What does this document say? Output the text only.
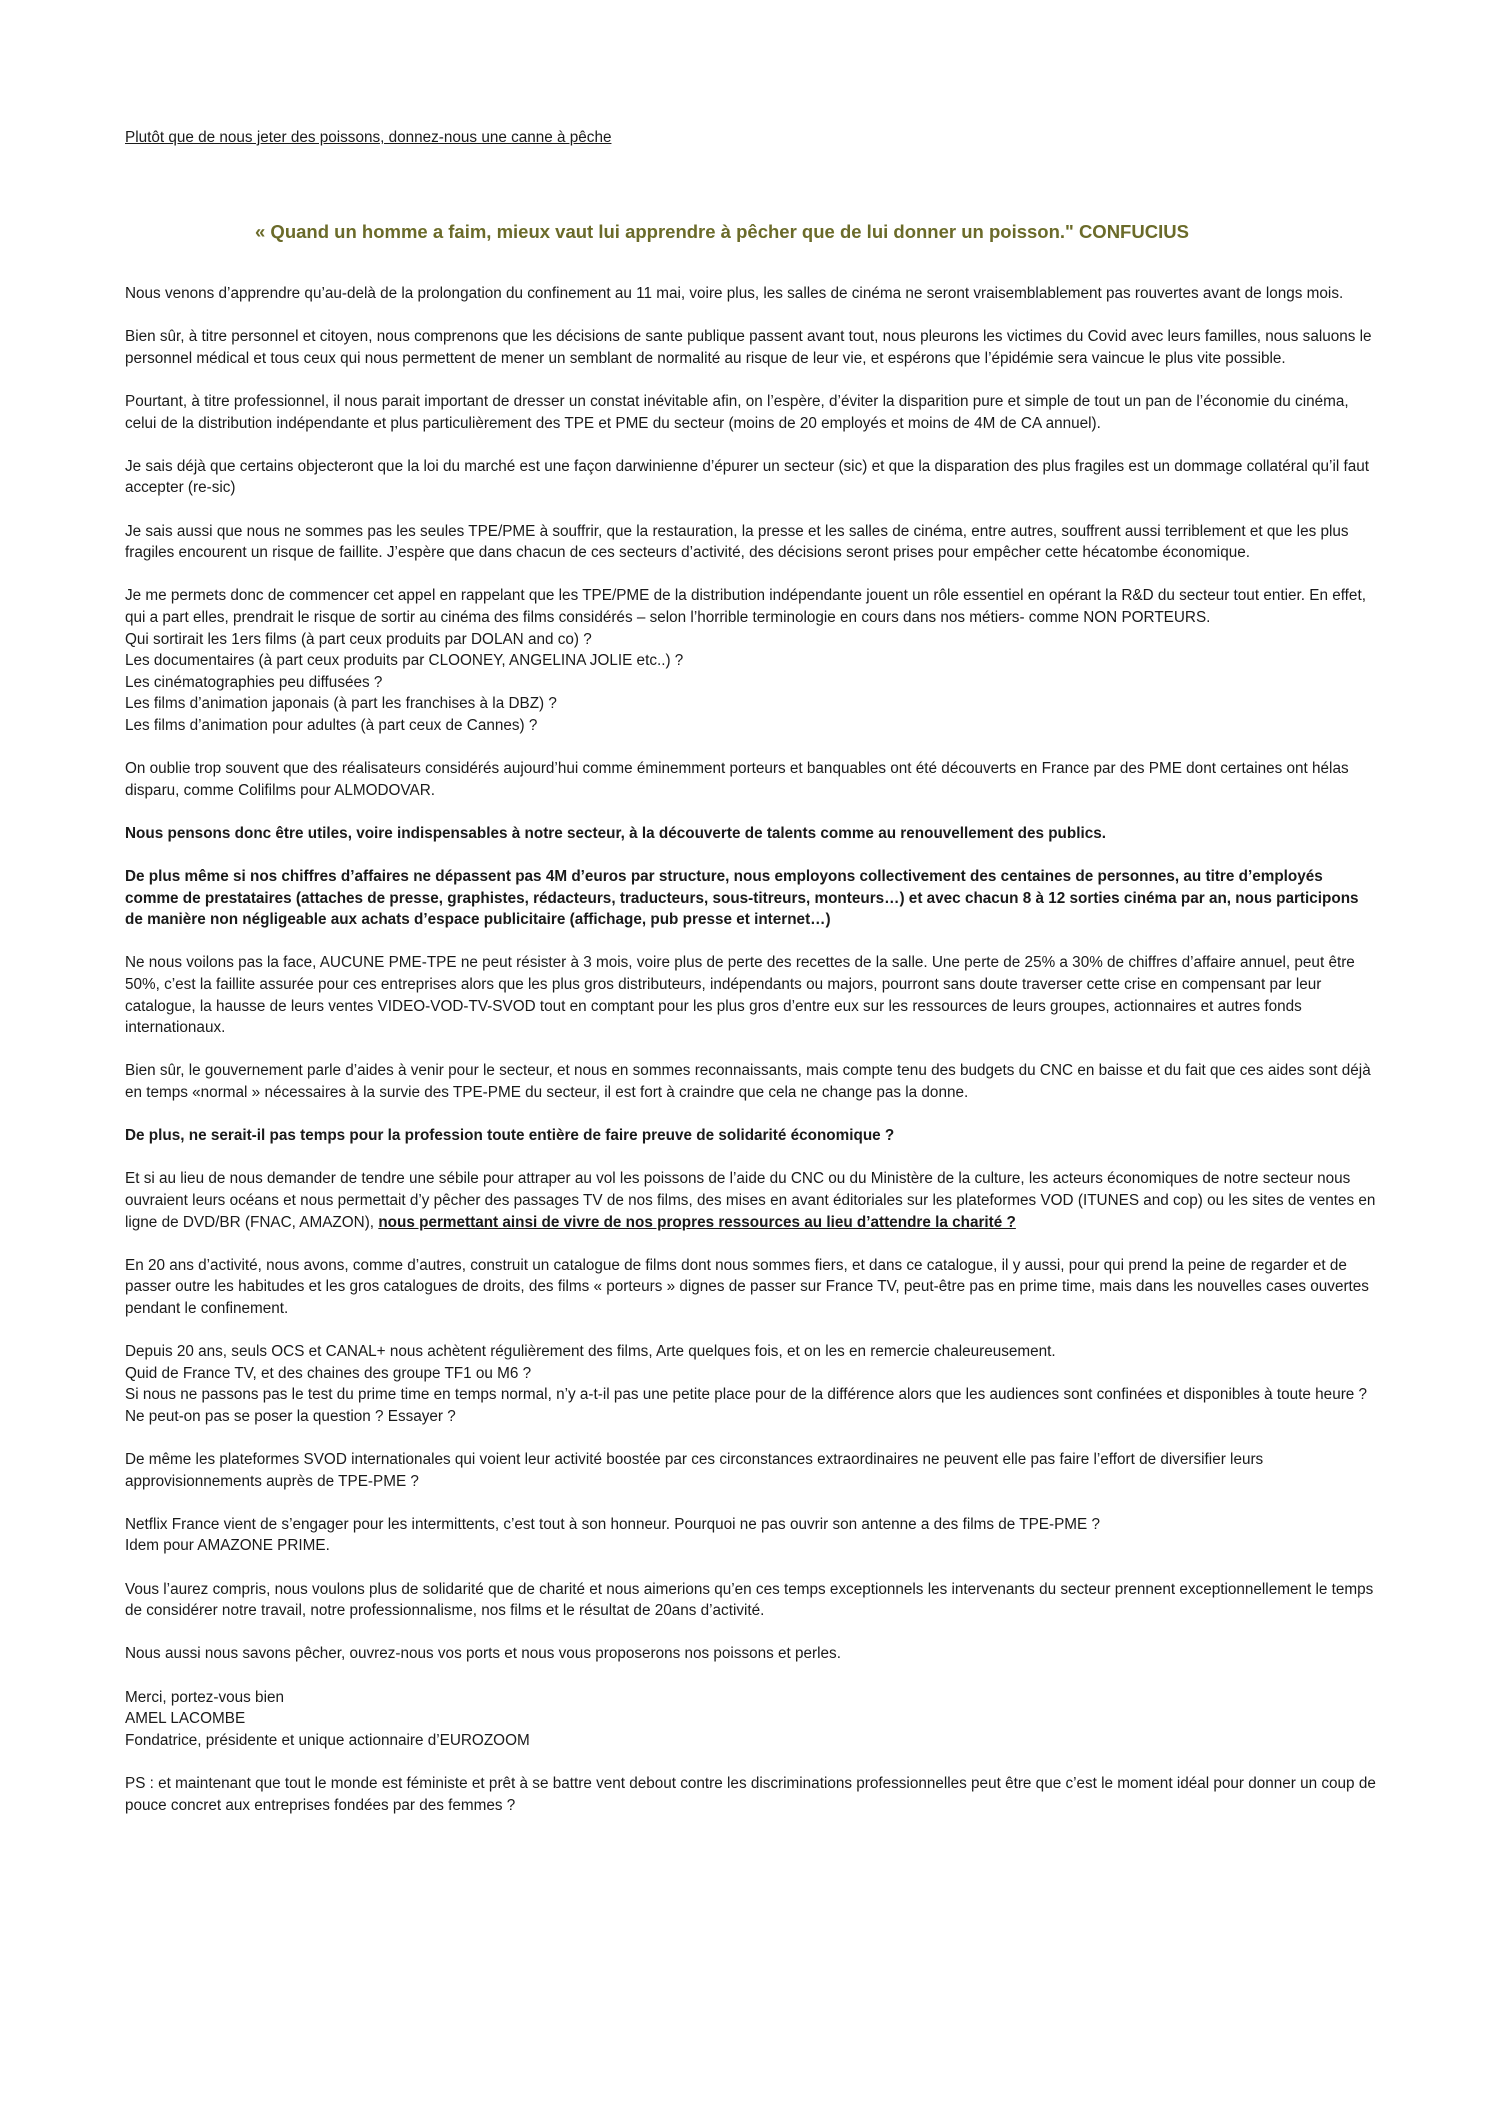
Plutôt que de nous jeter des poissons, donnez-nous une canne à pêche
« Quand un homme a faim, mieux vaut lui apprendre à pêcher que de lui donner un poisson." CONFUCIUS

Nous venons d’apprendre qu’au-delà de la prolongation du confinement au 11 mai, voire plus, les salles de cinéma ne seront vraisemblablement pas rouvertes avant de longs mois.

Bien sûr, à titre personnel et citoyen, nous comprenons que les décisions de sante publique passent avant tout, nous pleurons les victimes du Covid avec leurs familles, nous saluons le personnel médical et tous ceux qui nous permettent de mener un semblant de normalité au risque de leur vie, et espérons que l’épidémie sera vaincue le plus vite possible.

Pourtant, à titre professionnel, il nous parait important de dresser un constat inévitable afin, on l’espère, d’éviter la disparition pure et simple de tout un pan de l’économie du cinéma, celui de la distribution indépendante et plus particulièrement des TPE et PME du secteur (moins de 20 employés et moins de 4M de CA annuel).

Je sais déjà que certains objecteront que la loi du marché est une façon darwinienne d’épurer un secteur (sic) et que la disparation des plus fragiles est un dommage collatéral qu’il faut accepter (re-sic)

Je sais aussi que nous ne sommes pas les seules TPE/PME à souffrir, que la restauration, la presse et les salles de cinéma, entre autres, souffrent aussi terriblement et que les plus fragiles encourent un risque de faillite. J’espère que dans chacun de ces secteurs d’activité, des décisions seront prises pour empêcher cette hécatombe économique.

Je me permets donc de commencer cet appel en rappelant que les TPE/PME de la distribution indépendante jouent un rôle essentiel en opérant la R&D du secteur tout entier. En effet, qui a part elles, prendrait le risque de sortir au cinéma des films considérés – selon l’horrible terminologie en cours dans nos métiers- comme NON PORTEURS.
Qui sortirait les 1ers films (à part ceux produits par DOLAN and co) ?
Les documentaires (à part ceux produits par CLOONEY, ANGELINA JOLIE etc..) ?
Les cinématographies peu diffusées ?
Les films d’animation japonais (à part les franchises à la DBZ) ?
Les films d’animation pour adultes (à part ceux de Cannes) ?

On oublie trop souvent que des réalisateurs considérés aujourd’hui comme éminemment porteurs et banquables ont été découverts en France par des PME dont certaines ont hélas disparu, comme Colifilms pour ALMODOVAR.

Nous pensons donc être utiles, voire indispensables à notre secteur, à la découverte de talents comme au renouvellement des publics.

De plus même si nos chiffres d’affaires ne dépassent pas 4M d’euros par structure, nous employons collectivement des centaines de personnes, au titre d’employés comme de prestataires (attaches de presse, graphistes, rédacteurs, traducteurs, sous-titreurs, monteurs…) et avec chacun 8 à 12 sorties cinéma par an, nous participons de manière non négligeable aux achats d’espace publicitaire (affichage, pub presse et internet…)

Ne nous voilons pas la face, AUCUNE PME-TPE ne peut résister à 3 mois, voire plus de perte des recettes de la salle. Une perte de 25% a 30% de chiffres d’affaire annuel, peut être 50%, c’est la faillite assurée pour ces entreprises alors que les plus gros distributeurs, indépendants ou majors, pourront sans doute traverser cette crise en compensant par leur catalogue, la hausse de leurs ventes VIDEO-VOD-TV-SVOD tout en comptant pour les plus gros d’entre eux sur les ressources de leurs groupes, actionnaires et autres fonds internationaux.

Bien sûr, le gouvernement parle d’aides à venir pour le secteur, et nous en sommes reconnaissants, mais compte tenu des budgets du CNC en baisse et du fait que ces aides sont déjà en temps «normal » nécessaires à la survie des TPE-PME du secteur, il est fort à craindre que cela ne change pas la donne.

De plus, ne serait-il pas temps pour la profession toute entière de faire preuve de solidarité économique ?

Et si au lieu de nous demander de tendre une sébile pour attraper au vol les poissons de l’aide du CNC ou du Ministère de la culture, les acteurs économiques de notre secteur nous ouvraient leurs océans et nous permettait d’y pêcher des passages TV de nos films, des mises en avant éditoriales sur les plateformes VOD (ITUNES and cop) ou les sites de ventes en ligne de DVD/BR (FNAC, AMAZON), nous permettant ainsi de vivre de nos propres ressources au lieu d’attendre la charité ?

En 20 ans d’activité, nous avons, comme d’autres, construit un catalogue de films dont nous sommes fiers, et dans ce catalogue, il y aussi, pour qui prend la peine de regarder et de passer outre les habitudes et les gros catalogues de droits, des films « porteurs » dignes de passer sur France TV, peut-être pas en prime time, mais dans les nouvelles cases ouvertes pendant le confinement.

Depuis 20 ans, seuls OCS et CANAL+ nous achètent régulièrement des films, Arte quelques fois, et on les en remercie chaleureusement.
Quid de France TV, et des chaines des groupe TF1 ou M6 ?
Si nous ne passons pas le test du prime time en temps normal, n’y a-t-il pas une petite place pour de la différence alors que les audiences sont confinées et disponibles à toute heure ? Ne peut-on pas se poser la question ? Essayer ?

De même les plateformes SVOD internationales qui voient leur activité boostée par ces circonstances extraordinaires ne peuvent elle pas faire l’effort de diversifier leurs approvisionnements auprès de TPE-PME ?

Netflix France vient de s’engager pour les intermittents, c’est tout à son honneur. Pourquoi ne pas ouvrir son antenne a des films de TPE-PME ?
Idem pour AMAZONE PRIME.

Vous l’aurez compris, nous voulons plus de solidarité que de charité et nous aimerions qu’en ces temps exceptionnels les intervenants du secteur prennent exceptionnellement le temps de considérer notre travail, notre professionnalisme, nos films et le résultat de 20ans d’activité.

Nous aussi nous savons pêcher, ouvrez-nous vos ports et nous vous proposerons nos poissons et perles.

Merci, portez-vous bien
AMEL LACOMBE
Fondatrice, présidente et unique actionnaire d’EUROZOOM

PS : et maintenant que tout le monde est féministe et prêt à se battre vent debout contre les discriminations professionnelles peut être que c’est le moment idéal pour donner un coup de pouce concret aux entreprises fondées par des femmes ?
